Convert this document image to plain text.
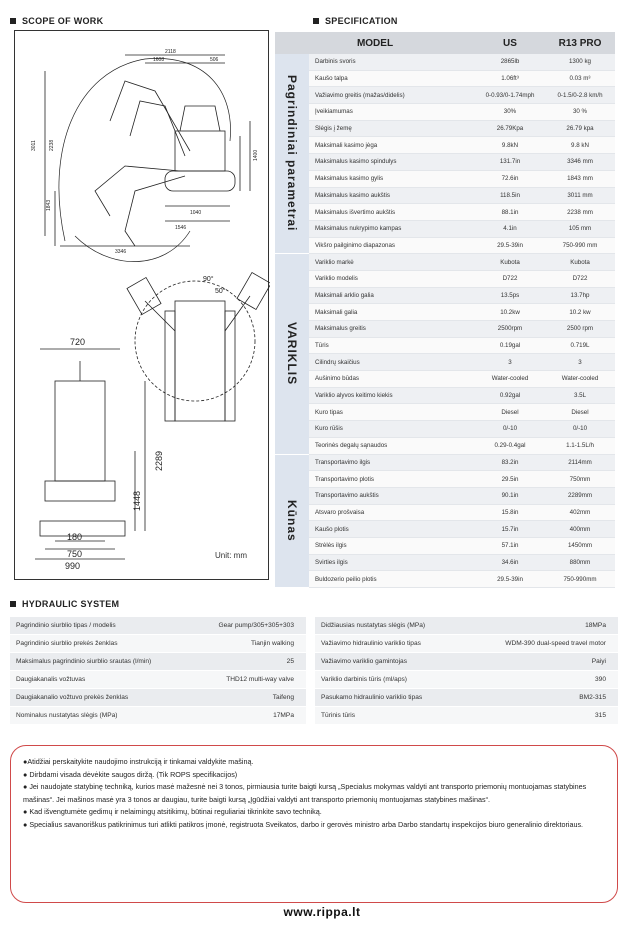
SCOPE OF WORK	SPECIFICATION
2118
1608	506
3011 2238
1843
1040
1546
3346
1400
90°
50°
720
2289
1448
180
750
990
Unit: mm
MODEL	US	R13 PRO
Pagrindiniai parametrai
Darbinis svoris	2865lb	1300 kg
Kaušo talpa	1.06ft³	0.03 m³
Važiavimo greitis (mažas/didelis)	0-0.93/0-1.74mph	0-1.5/0-2.8 km/h
Įveikiamumas	30%	30 %
Slėgis į žemę	26.79Kpa	26.79 kpa
Maksimali kasimo jėga	9.8kN	9.8 kN
Maksimalus kasimo spindulys	131.7in	3346 mm
Maksimalus kasimo gylis	72.6in	1843 mm
Maksimalus kasimo aukštis	118.5in	3011 mm
Maksimalus išvertimo aukštis	88.1in	2238 mm
Maksimalus nukrypimo kampas	4.1in	105 mm
Vikšro pailginimo diapazonas	29.5-39in	750-990 mm
VARIKLIS
Variklio markė	Kubota	Kubota
Variklio modelis	D722	D722
Maksimali arklio galia	13.5ps	13.7hp
Maksimali galia	10.2kw	10.2 kw
Maksimalus greitis	2500rpm	2500 rpm
Tūris	0.19gal	0.719L
Cilindrų skaičius	3	3
Aušinimo būdas	Water-cooled	Water-cooled
Variklio alyvos keitimo kiekis	0.92gal	3.5L
Kuro tipas	Diesel	Diesel
Kuro rūšis	0/-10	0/-10
Teorinės degalų sąnaudos	0.29-0.4gal	1.1-1.5L/h
Kūnas
Transportavimo ilgis	83.2in	2114mm
Transportavimo plotis	29.5in	750mm
Transportavimo aukštis	90.1in	2289mm
Atsvaro prošvaisa	15.8in	402mm
Kaušo plotis	15.7in	400mm
Strėlės ilgis	57.1in	1450mm
Svirties ilgis	34.6in	880mm
Buldozerio peilio plotis	29.5-39in	750-990mm
HYDRAULIC SYSTEM
Pagrindinio siurblio tipas / modelis	Gear pump/305+305+303
Pagrindinio siurblio prekės ženklas	Tianjin walking
Maksimalus pagrindinio siurblio srautas (l/min)	25
Daugiakanalis vožtuvas	THD12 multi-way valve
Daugiakanalio vožtuvo prekės ženklas	Taifeng
Nominalus nustatytas slėgis (MPa)	17MPa
Didžiausias nustatytas slėgis (MPa)	18MPa
Važiavimo hidraulinio variklio tipas	WDM-390 dual-speed travel motor
Važiavimo variklio gamintojas	Paiyi
Variklio darbinis tūris (ml/aps)	390
Pasukamo hidraulinio variklio tipas	BM2-315
Tūrinis tūris	315

●Atidžiai perskaitykite naudojimo instrukciją ir tinkamai valdykite mašiną.

● Dirbdami visada dėvėkite saugos diržą. (Tik ROPS specifikacijos)

● Jei naudojate statybinę techniką, kurios masė mažesnė nei 3 tonos, pirmiausia turite baigti kursą „Specialus mokymas valdyti ant transporto priemonių montuojamas statybines mašinas“. Jei mašinos masė yra 3 tonos ar daugiau, turite baigti kursą „Įgūdžiai valdyti ant transporto priemonių montuojamas statybines mašinas“.

● Kad išvengtumėte gedimų ir nelaimingų atsitikimų, būtinai reguliariai tikrinkite savo techniką.

● Specialius savanoriškus patikrinimus turi atlikti patikros įmonė, registruota Sveikatos, darbo ir gerovės ministro arba Darbo standartų inspekcijos biuro generalinio direktoriaus.

www.rippa.lt
